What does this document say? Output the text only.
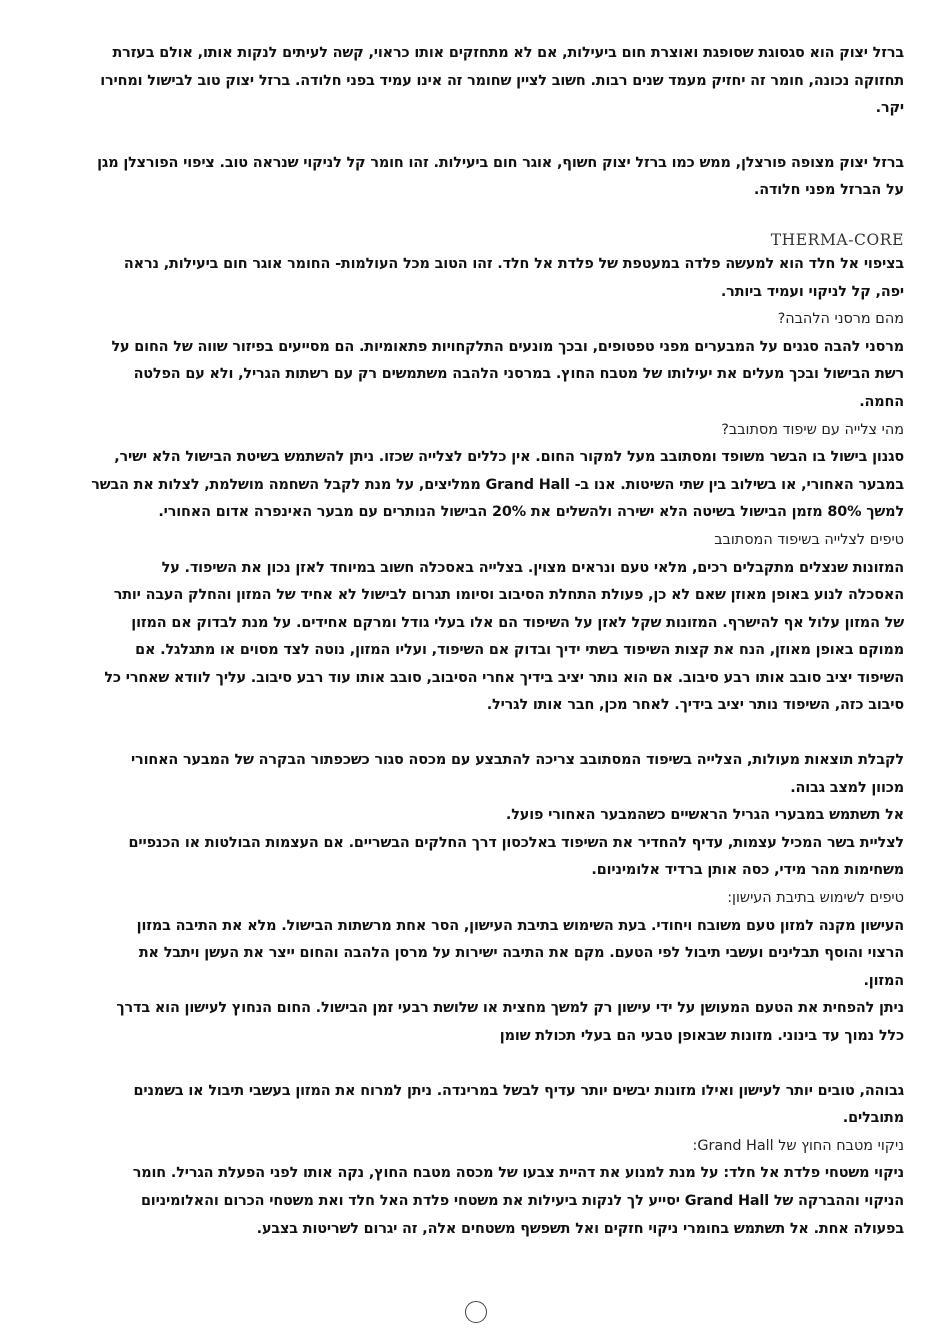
ברזל יצוק הוא סגסוגת שסופגת ואוצרת חום ביעילות, אם לא מתחזקים אותו כראוי, קשה לעיתים לנקות אותו, אולם בעזרת
תחזוקה נכונה, חומר זה יחזיק מעמד שנים רבות. חשוב לציין שחומר זה אינו עמיד בפני חלודה. ברזל יצוק טוב לבישול ומחירו
יקר.

ברזל יצוק מצופה פורצלן, ממש כמו ברזל יצוק חשוף, אוגר חום ביעילות. זהו חומר קל לניקוי שנראה טוב. ציפוי הפורצלן מגן
על הברזל מפני חלודה.

THERMA-CORE

בציפוי אל חלד הוא למעשה פלדה במעטפת של פלדת אל חלד. זהו הטוב מכל העולמות- החומר אוגר חום ביעילות, נראה
יפה, קל לניקוי ועמיד ביותר.

מהם מרסני הלהבה?

מרסני להבה סגנים על המבערים מפני טפטופים, ובכך מונעים התלקחויות פתאומיות. הם מסייעים בפיזור שווה של החום על
רשת הבישול ובכך מעלים את יעילותו של מטבח החוץ. במרסני הלהבה משתמשים רק עם רשתות הגריל, ולא עם הפלטה
החמה.

מהי צלייה עם שיפוד מסתובב?

סגנון בישול בו הבשר משופד ומסתובב מעל למקור החום. אין כללים לצלייה שכזו. ניתן להשתמש בשיטת הבישול הלא ישיר,
במבער האחורי, או בשילוב בין שתי השיטות. אנו ב- Grand Hall ממליצים, על מנת לקבל השחמה מושלמת, לצלות את הבשר
למשך 80% מזמן הבישול בשיטה הלא ישירה ולהשלים את 20% הבישול הנותרים עם מבער האינפרה אדום האחורי.

טיפים לצלייה בשיפוד המסתובב

המזונות שנצלים מתקבלים רכים, מלאי טעם ונראים מצוין. בצלייה באסכלה חשוב במיוחד לאזן נכון את השיפוד. על
האסכלה לנוע באופן מאוזן שאם לא כן, פעולת התחלת הסיבוב וסיומו תגרום לבישול לא אחיד של המזון והחלק העבה יותר
של המזון עלול אף להישרף. המזונות שקל לאזן על השיפוד הם אלו בעלי גודל ומרקם אחידים. על מנת לבדוק אם המזון
ממוקם באופן מאוזן, הנח את קצות השיפוד בשתי ידיך ובדוק אם השיפוד, ועליו המזון, נוטה לצד מסוים או מתגלגל. אם
השיפוד יציב סובב אותו רבע סיבוב. אם הוא נותר יציב בידיך אחרי הסיבוב, סובב אותו עוד רבע סיבוב. עליך לוודא שאחרי כל
סיבוב כזה, השיפוד נותר יציב בידיך. לאחר מכן, חבר אותו לגריל.

לקבלת תוצאות מעולות, הצלייה בשיפוד המסתובב צריכה להתבצע עם מכסה סגור כשכפתור הבקרה של המבער האחורי
מכוון למצב גבוה.
אל תשתמש במבערי הגריל הראשיים כשהמבער האחורי פועל.
לצליית בשר המכיל עצמות, עדיף להחדיר את השיפוד באלכסון דרך החלקים הבשריים. אם העצמות הבולטות או הכנפיים
משחימות מהר מידי, כסה אותן ברדיד אלומיניום.

טיפים לשימוש בתיבת העישון:

העישון מקנה למזון טעם משובח ויחודי. בעת השימוש בתיבת העישון, הסר אחת מרשתות הבישול. מלא את התיבה במזון
הרצוי והוסף תבלינים ועשבי תיבול לפי הטעם. מקם את התיבה ישירות על מרסן הלהבה והחום ייצר את העשן ויתבל את
המזון.
ניתן להפחית את הטעם המעושן על ידי עישון רק למשך מחצית או שלושת רבעי זמן הבישול. החום הנחוץ לעישון הוא בדרך
כלל נמוך עד בינוני. מזונות שבאופן טבעי הם בעלי תכולת שומן

גבוהה, טובים יותר לעישון ואילו מזונות יבשים יותר עדיף לבשל במרינדה. ניתן למרוח את המזון בעשבי תיבול או בשמנים
מתובלים.

ניקוי מטבח החוץ של Grand Hall:

ניקוי משטחי פלדת אל חלד: על מנת למנוע את דהיית צבעו של מכסה מטבח החוץ, נקה אותו לפני הפעלת הגריל. חומר
הניקוי וההברקה של Grand Hall יסייע לך לנקות ביעילות את משטחי פלדת האל חלד ואת משטחי הכרום והאלומיניום
בפעולה אחת. אל תשתמש בחומרי ניקוי חזקים ואל תשפשף משטחים אלה, זה יגרום לשריטות בצבע.
